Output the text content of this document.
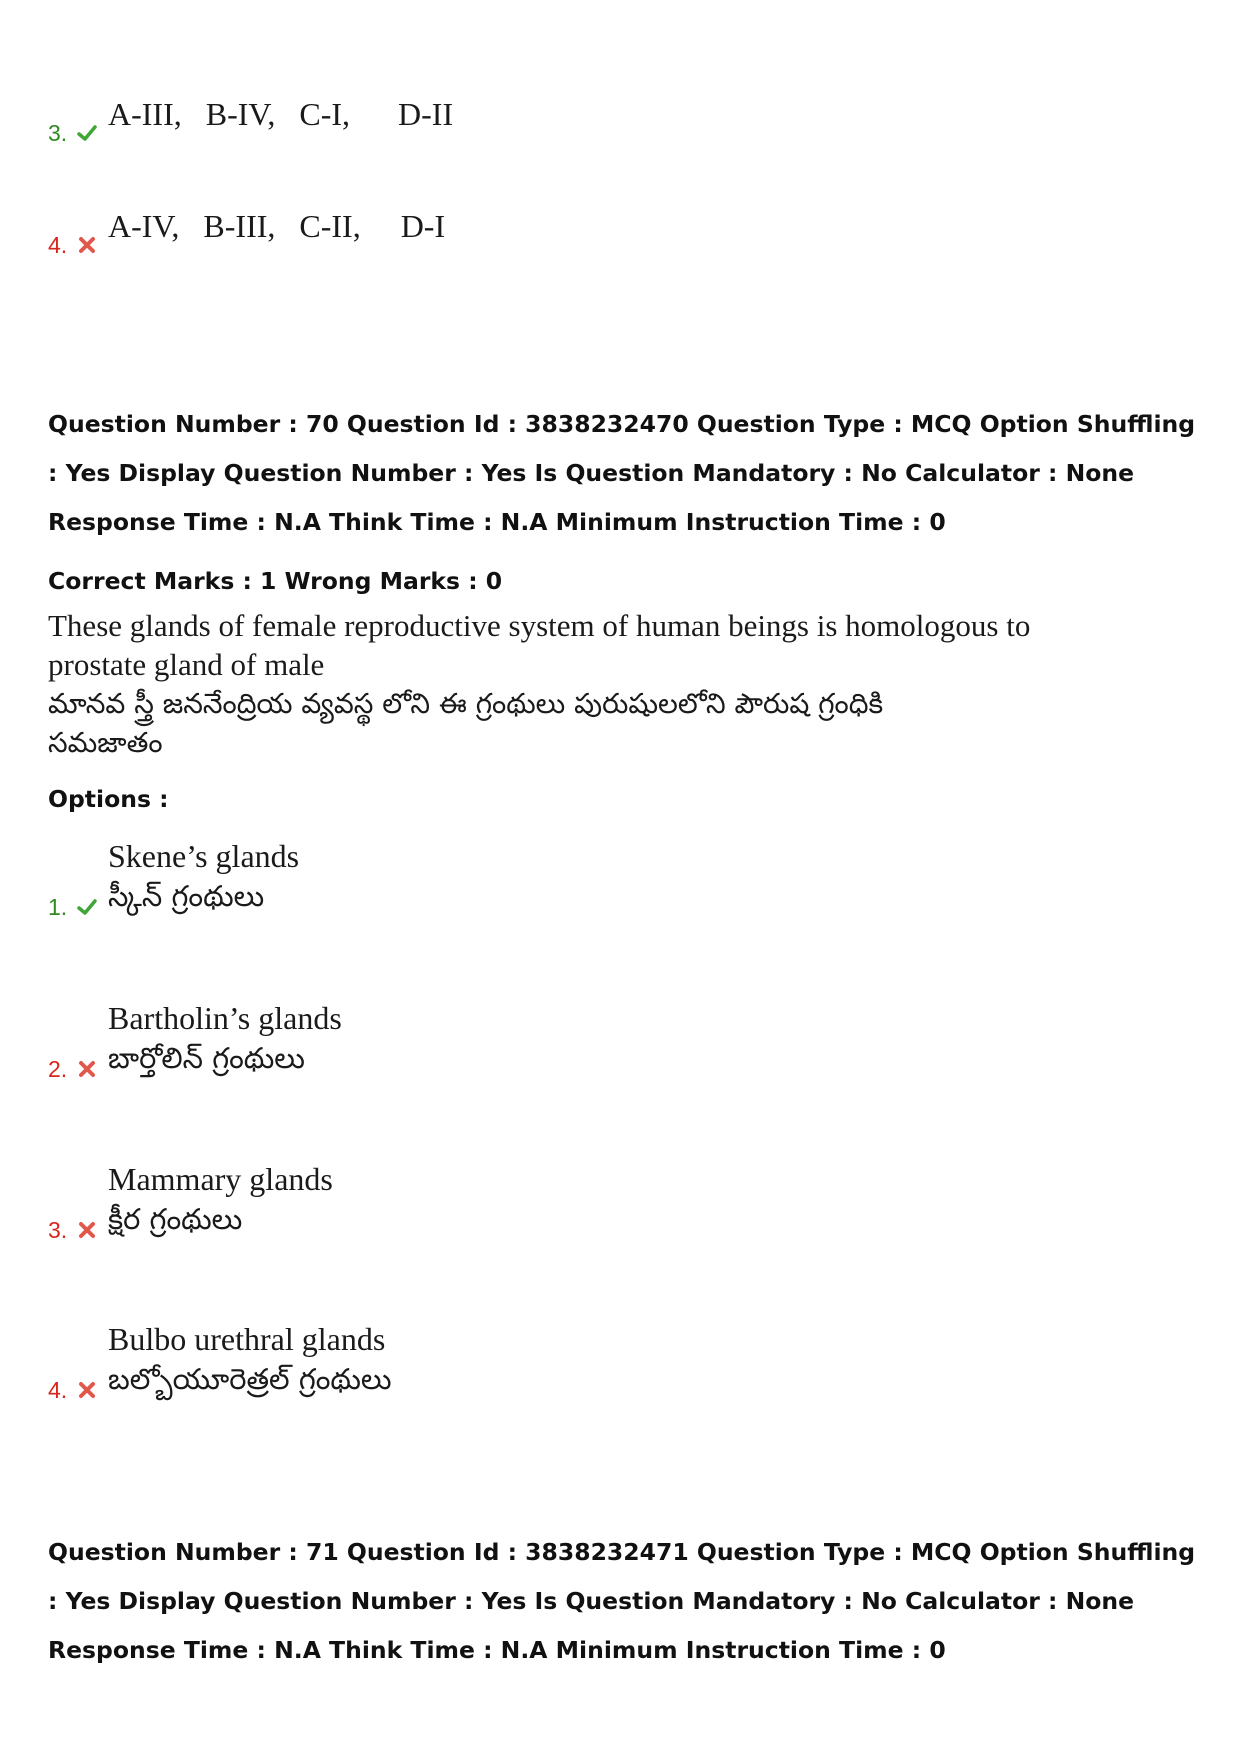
3.
A-III,   B-IV,   C-I,      D-II
4.
A-IV,   B-III,   C-II,     D-I
Question Number : 70 Question Id : 3838232470 Question Type : MCQ Option Shuffling : Yes Display Question Number : Yes Is Question Mandatory : No Calculator : None Response Time : N.A Think Time : N.A Minimum Instruction Time : 0
Correct Marks : 1 Wrong Marks : 0
These glands of female reproductive system of human beings is homologous to
prostate gland of male
మానవ స్త్రీ జననేంద్రియ వ్యవస్థ లోని ఈ గ్రంథులు పురుషులలోని పౌరుష గ్రంధికి
సమజాతం
Options :
Skene’s glands
స్కీన్ గ్రంథులు
1.
Bartholin’s glands
బార్తోలిన్ గ్రంథులు
2.
Mammary glands
క్షీర గ్రంథులు
3.
Bulbo urethral glands
బల్బోయూరెత్రల్ గ్రంథులు
4.
Question Number : 71 Question Id : 3838232471 Question Type : MCQ Option Shuffling : Yes Display Question Number : Yes Is Question Mandatory : No Calculator : None Response Time : N.A Think Time : N.A Minimum Instruction Time : 0
